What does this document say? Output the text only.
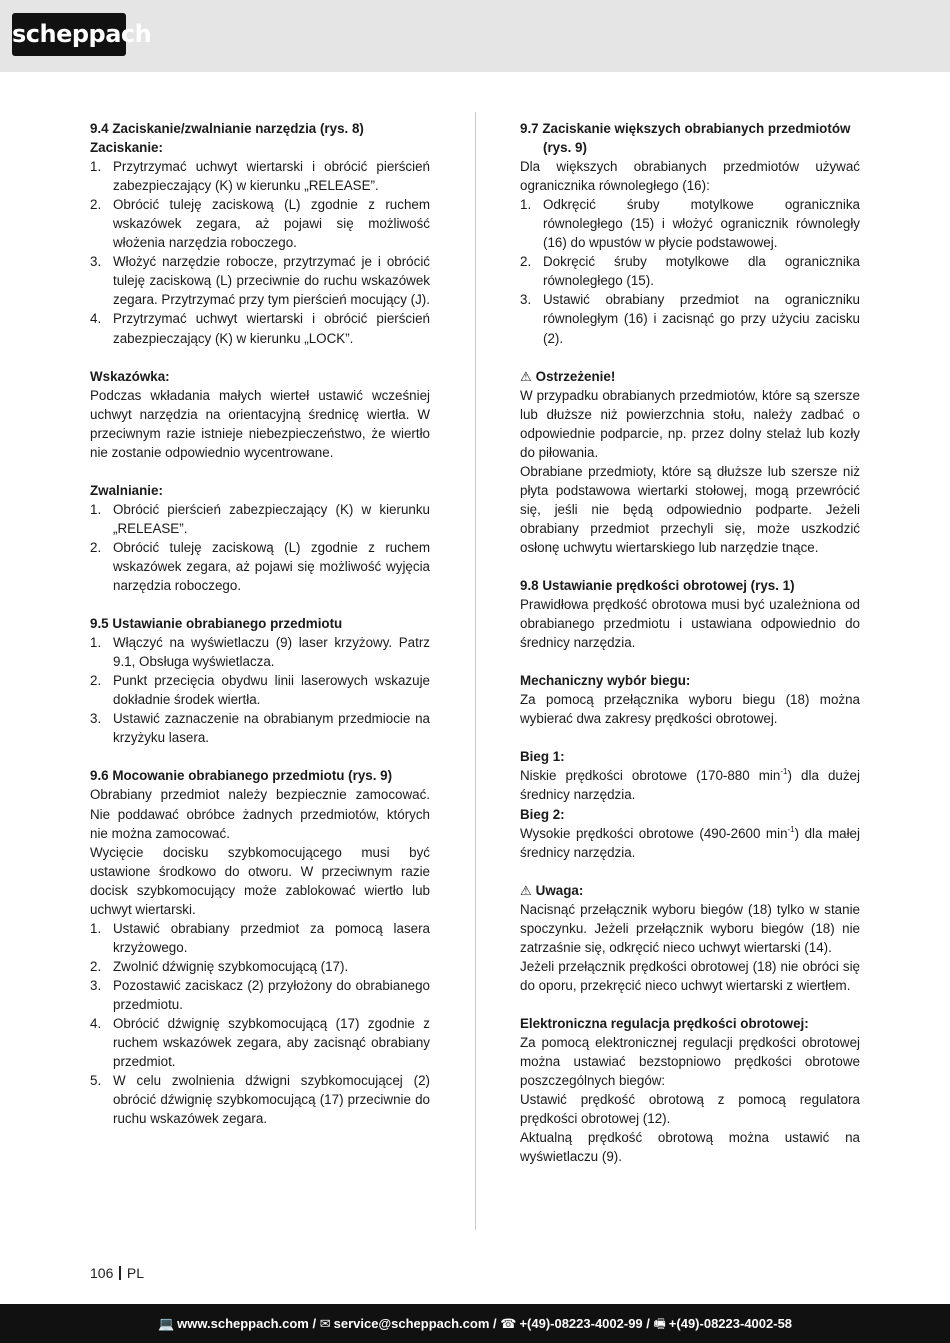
scheppach

9.4 Zaciskanie/zwalnianie narzędzia (rys. 8)

Zaciskanie:

1. Przytrzymać uchwyt wiertarski i obrócić pierścień zabezpieczający (K) w kierunku „RELEASE”.
2. Obrócić tuleję zaciskową (L) zgodnie z ruchem wskazówek zegara, aż pojawi się możliwość włożenia narzędzia roboczego.
3. Włożyć narzędzie robocze, przytrzymać je i obrócić tuleję zaciskową (L) przeciwnie do ruchu wskazówek zegara. Przytrzymać przy tym pierścień mocujący (J).
4. Przytrzymać uchwyt wiertarski i obrócić pierścień zabezpieczający (K) w kierunku „LOCK”.

Wskazówka:

Podczas wkładania małych wierteł ustawić wcześniej uchwyt narzędzia na orientacyjną średnicę wiertła. W przeciwnym razie istnieje niebezpieczeństwo, że wiertło nie zostanie odpowiednio wycentrowane.

Zwalnianie:

1. Obrócić pierścień zabezpieczający (K) w kierunku „RELEASE”.
2. Obrócić tuleję zaciskową (L) zgodnie z ruchem wskazówek zegara, aż pojawi się możliwość wyjęcia narzędzia roboczego.

9.5 Ustawianie obrabianego przedmiotu

1. Włączyć na wyświetlaczu (9) laser krzyżowy. Patrz 9.1, Obsługa wyświetlacza.
2. Punkt przecięcia obydwu linii laserowych wskazuje dokładnie środek wiertła.
3. Ustawić zaznaczenie na obrabianym przedmiocie na krzyżyku lasera.

9.6 Mocowanie obrabianego przedmiotu (rys. 9)

Obrabiany przedmiot należy bezpiecznie zamocować. Nie poddawać obróbce żadnych przedmiotów, których nie można zamocować.

Wycięcie docisku szybkomocującego musi być ustawione środkowo do otworu. W przeciwnym razie docisk szybkomocujący może zablokować wiertło lub uchwyt wiertarski.

1. Ustawić obrabiany przedmiot za pomocą lasera krzyżowego.
2. Zwolnić dźwignię szybkomocującą (17).
3. Pozostawić zaciskacz (2) przyłożony do obrabianego przedmiotu.
4. Obrócić dźwignię szybkomocującą (17) zgodnie z ruchem wskazówek zegara, aby zacisnąć obrabiany przedmiot.
5. W celu zwolnienia dźwigni szybkomocującej (2) obrócić dźwignię szybkomocującą (17) przeciwnie do ruchu wskazówek zegara.

9.7 Zaciskanie większych obrabianych przedmiotów (rys. 9)

Dla większych obrabianych przedmiotów używać ogranicznika równoległego (16):

1. Odkręcić śruby motylkowe ogranicznika równoległego (15) i włożyć ogranicznik równoległy (16) do wpustów w płycie podstawowej.
2. Dokręcić śruby motylkowe dla ogranicznika równoległego (15).
3. Ustawić obrabiany przedmiot na ograniczniku równoległym (16) i zacisnąć go przy użyciu zacisku (2).

⚠ Ostrzeżenie!

W przypadku obrabianych przedmiotów, które są szersze lub dłuższe niż powierzchnia stołu, należy zadbać o odpowiednie podparcie, np. przez dolny stelaż lub kozły do piłowania.

Obrabiane przedmioty, które są dłuższe lub szersze niż płyta podstawowa wiertarki stołowej, mogą przewrócić się, jeśli nie będą odpowiednio podparte. Jeżeli obrabiany przedmiot przechyli się, może uszkodzić osłonę uchwytu wiertarskiego lub narzędzie tnące.

9.8 Ustawianie prędkości obrotowej (rys. 1)

Prawidłowa prędkość obrotowa musi być uzależniona od obrabianego przedmiotu i ustawiana odpowiednio do średnicy narzędzia.

Mechaniczny wybór biegu:

Za pomocą przełącznika wyboru biegu (18) można wybierać dwa zakresy prędkości obrotowej.

Bieg 1:

Niskie prędkości obrotowe (170-880 $\min^{-1}$) dla dużej średnicy narzędzia.

Bieg 2:

Wysokie prędkości obrotowe (490-2600 $\min^{-1}$) dla małej średnicy narzędzia.

⚠ Uwaga:

Nacisnąć przełącznik wyboru biegów (18) tylko w stanie spoczynku. Jeżeli przełącznik wyboru biegów (18) nie zatrzaśnie się, odkręcić nieco uchwyt wiertarski (14).

Jeżeli przełącznik prędkości obrotowej (18) nie obróci się do oporu, przekręcić nieco uchwyt wiertarski z wiertłem.

Elektroniczna regulacja prędkości obrotowej:

Za pomocą elektronicznej regulacji prędkości obrotowej można ustawiać bezstopniowo prędkości obrotowe poszczególnych biegów:

Ustawić prędkość obrotową z pomocą regulatora prędkości obrotowej (12).

Aktualną prędkość obrotową można ustawić na wyświetlaczu (9).

106 PL
💻 www.scheppach.com / ✉ service@scheppach.com / ☎ +(49)-08223-4002-99 / 🖷 +(49)-08223-4002-58
